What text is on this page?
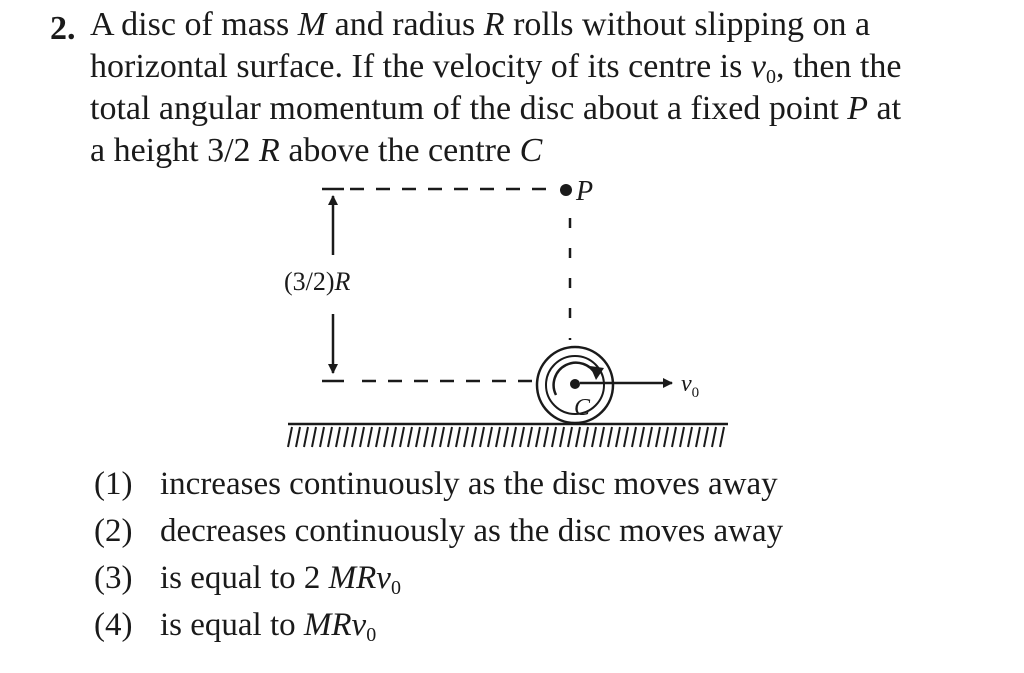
2. A disc of mass M and radius R rolls without slipping on a
horizontal surface. If the velocity of its centre is $v_0$, then the
total angular momentum of the disc about a fixed point P at
a height 3/2 R above the centre C
P
(3/2)R
C
$v_0$
(1) increases continuously as the disc moves away
(2) decreases continuously as the disc moves away
(3) is equal to 2 MRv$_0$
(4) is equal to MRv$_0$
